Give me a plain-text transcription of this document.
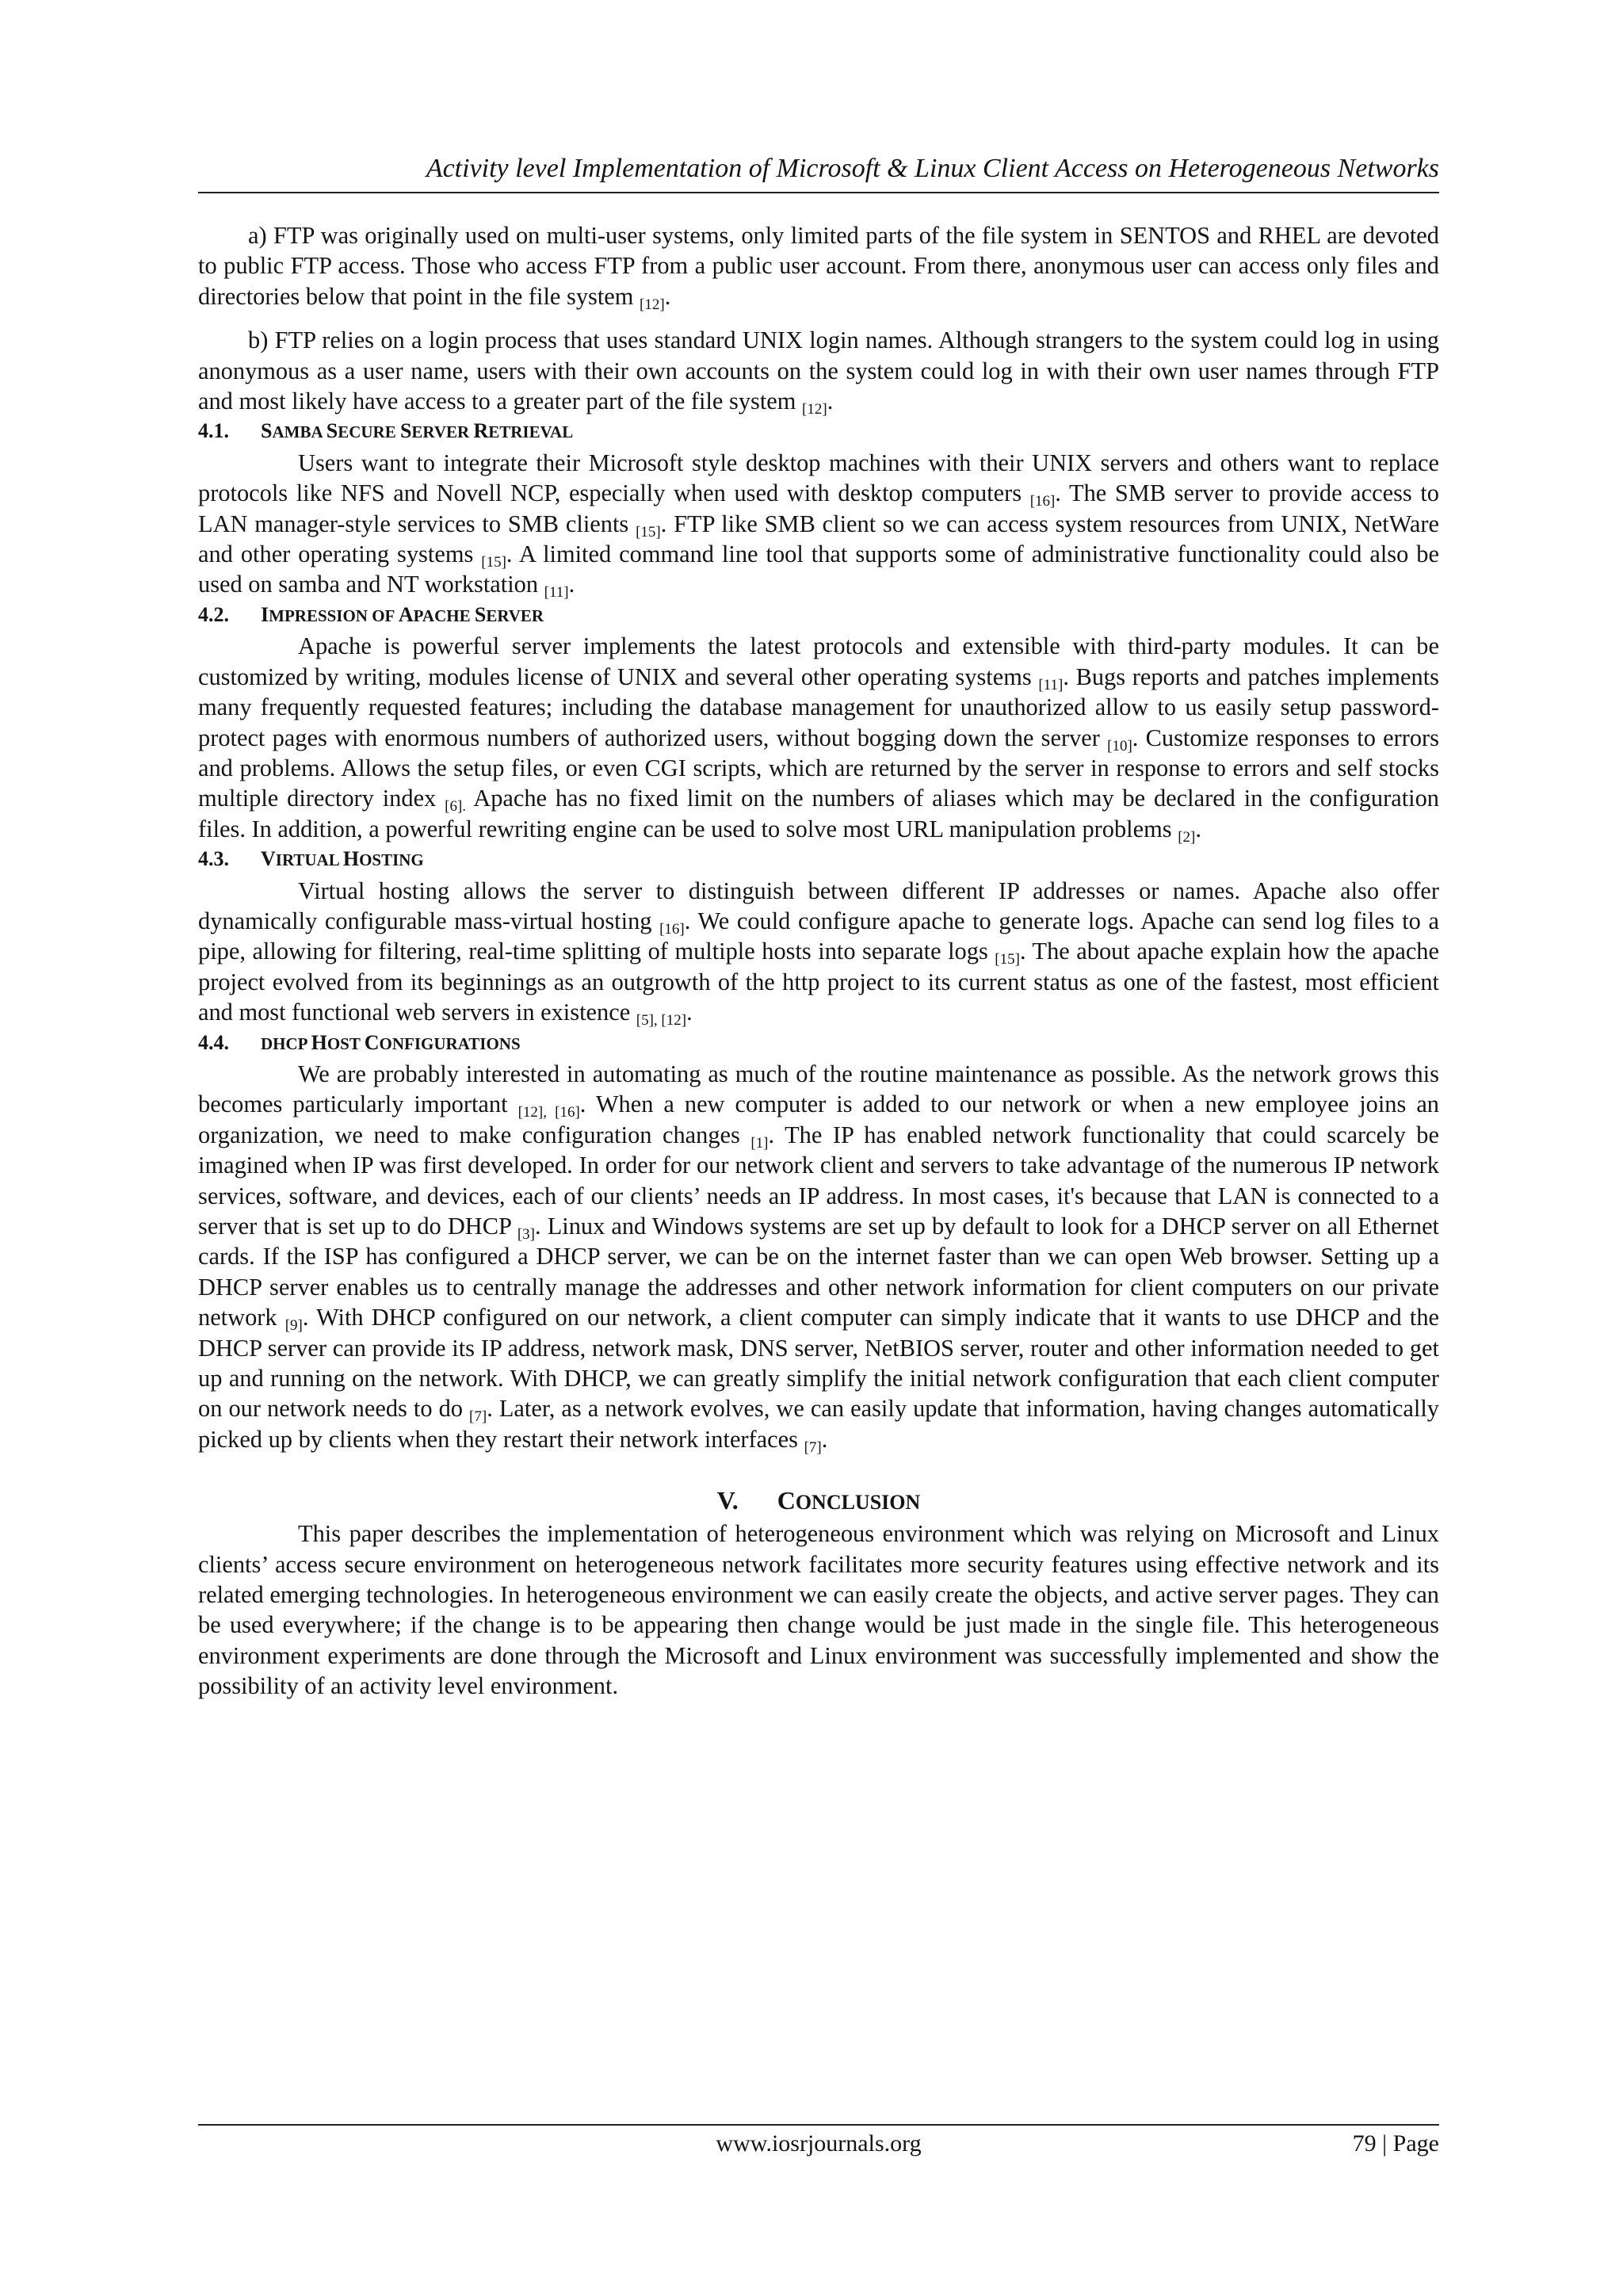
Activity level Implementation of Microsoft & Linux Client Access on Heterogeneous Networks

a) FTP was originally used on multi-user systems, only limited parts of the file system in SENTOS and RHEL are devoted to public FTP access. Those who access FTP from a public user account. From there, anonymous user can access only files and directories below that point in the file system [12].

b) FTP relies on a login process that uses standard UNIX login names. Although strangers to the system could log in using anonymous as a user name, users with their own accounts on the system could log in with their own user names through FTP and most likely have access to a greater part of the file system [12].

4.1. SAMBA SECURE SERVER RETRIEVAL

Users want to integrate their Microsoft style desktop machines with their UNIX servers and others want to replace protocols like NFS and Novell NCP, especially when used with desktop computers [16]. The SMB server to provide access to LAN manager-style services to SMB clients [15]. FTP like SMB client so we can access system resources from UNIX, NetWare and other operating systems [15]. A limited command line tool that supports some of administrative functionality could also be used on samba and NT workstation [11].

4.2. IMPRESSION OF APACHE SERVER

Apache is powerful server implements the latest protocols and extensible with third-party modules. It can be customized by writing, modules license of UNIX and several other operating systems [11]. Bugs reports and patches implements many frequently requested features; including the database management for unauthorized allow to us easily setup password-protect pages with enormous numbers of authorized users, without bogging down the server [10]. Customize responses to errors and problems. Allows the setup files, or even CGI scripts, which are returned by the server in response to errors and self stocks multiple directory index [6]. Apache has no fixed limit on the numbers of aliases which may be declared in the configuration files. In addition, a powerful rewriting engine can be used to solve most URL manipulation problems [2].

4.3. VIRTUAL HOSTING

Virtual hosting allows the server to distinguish between different IP addresses or names. Apache also offer dynamically configurable mass-virtual hosting [16]. We could configure apache to generate logs. Apache can send log files to a pipe, allowing for filtering, real-time splitting of multiple hosts into separate logs [15]. The about apache explain how the apache project evolved from its beginnings as an outgrowth of the http project to its current status as one of the fastest, most efficient and most functional web servers in existence [5], [12].

4.4. DHCP HOST CONFIGURATIONS

We are probably interested in automating as much of the routine maintenance as possible. As the network grows this becomes particularly important [12], [16]. When a new computer is added to our network or when a new employee joins an organization, we need to make configuration changes [1]. The IP has enabled network functionality that could scarcely be imagined when IP was first developed. In order for our network client and servers to take advantage of the numerous IP network services, software, and devices, each of our clients’ needs an IP address. In most cases, it's because that LAN is connected to a server that is set up to do DHCP [3]. Linux and Windows systems are set up by default to look for a DHCP server on all Ethernet cards. If the ISP has configured a DHCP server, we can be on the internet faster than we can open Web browser. Setting up a DHCP server enables us to centrally manage the addresses and other network information for client computers on our private network [9]. With DHCP configured on our network, a client computer can simply indicate that it wants to use DHCP and the DHCP server can provide its IP address, network mask, DNS server, NetBIOS server, router and other information needed to get up and running on the network. With DHCP, we can greatly simplify the initial network configuration that each client computer on our network needs to do [7]. Later, as a network evolves, we can easily update that information, having changes automatically picked up by clients when they restart their network interfaces [7].

V. CONCLUSION

This paper describes the implementation of heterogeneous environment which was relying on Microsoft and Linux clients’ access secure environment on heterogeneous network facilitates more security features using effective network and its related emerging technologies. In heterogeneous environment we can easily create the objects, and active server pages. They can be used everywhere; if the change is to be appearing then change would be just made in the single file. This heterogeneous environment experiments are done through the Microsoft and Linux environment was successfully implemented and show the possibility of an activity level environment.

www.iosrjournals.org	79 | Page
